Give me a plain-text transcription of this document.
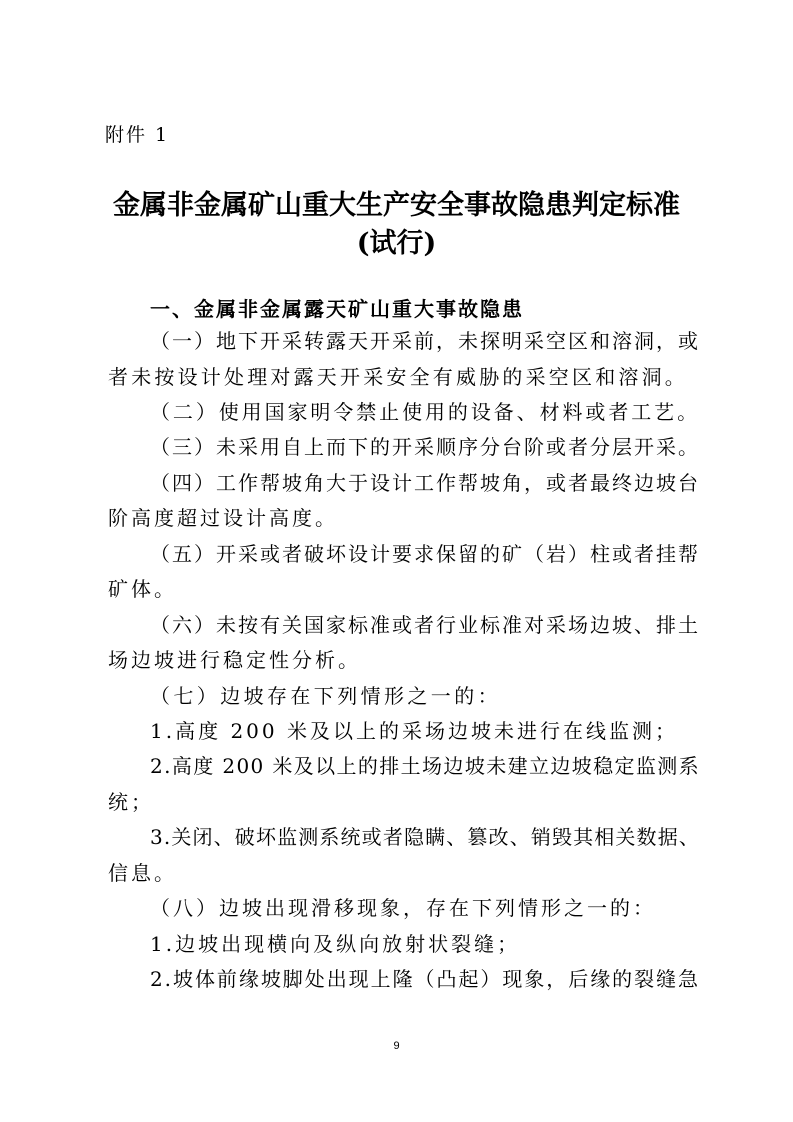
附件 1
金属非金属矿山重大生产安全事故隐患判定标准
(试行)
一、金属非金属露天矿山重大事故隐患
（一）地下开采转露天开采前，未探明采空区和溶洞，或
者未按设计处理对露天开采安全有威胁的采空区和溶洞。
（二）使用国家明令禁止使用的设备、材料或者工艺。
（三）未采用自上而下的开采顺序分台阶或者分层开采。
（四）工作帮坡角大于设计工作帮坡角，或者最终边坡台
阶高度超过设计高度。
（五）开采或者破坏设计要求保留的矿（岩）柱或者挂帮
矿体。
（六）未按有关国家标准或者行业标准对采场边坡、排土
场边坡进行稳定性分析。
（七）边坡存在下列情形之一的：
1.高度 200 米及以上的采场边坡未进行在线监测；
2.高度 200 米及以上的排土场边坡未建立边坡稳定监测系
统；
3.关闭、破坏监测系统或者隐瞒、篡改、销毁其相关数据、
信息。
（八）边坡出现滑移现象，存在下列情形之一的：
1.边坡出现横向及纵向放射状裂缝；
2.坡体前缘坡脚处出现上隆（凸起）现象，后缘的裂缝急
9
